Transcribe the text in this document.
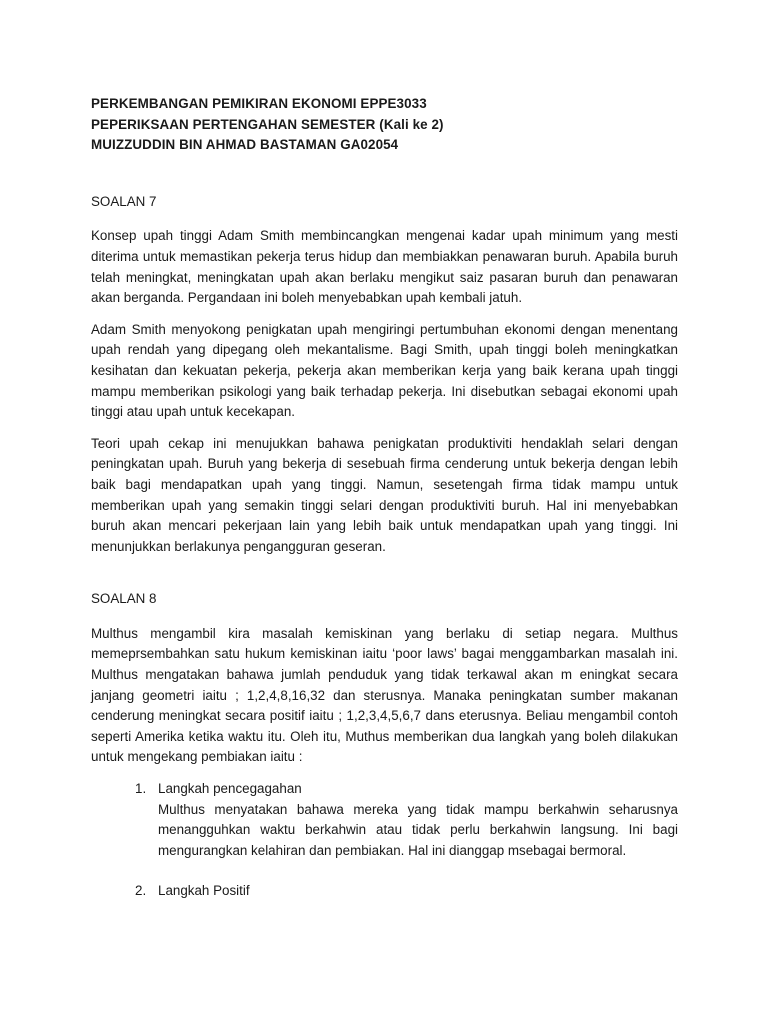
PERKEMBANGAN PEMIKIRAN EKONOMI EPPE3033
PEPERIKSAAN PERTENGAHAN SEMESTER (Kali ke 2)
MUIZZUDDIN BIN AHMAD BASTAMAN GA02054
SOALAN 7

Konsep upah tinggi Adam Smith membincangkan mengenai kadar upah minimum yang mesti diterima untuk memastikan pekerja terus hidup dan membiakkan penawaran buruh. Apabila buruh telah meningkat, meningkatan upah akan berlaku mengikut saiz pasaran buruh dan penawaran akan berganda. Pergandaan ini boleh menyebabkan upah kembali jatuh.

Adam Smith menyokong penigkatan upah mengiringi pertumbuhan ekonomi dengan menentang upah rendah yang dipegang oleh mekantalisme. Bagi Smith, upah tinggi boleh meningkatkan kesihatan dan kekuatan pekerja, pekerja akan memberikan kerja yang baik kerana upah tinggi mampu memberikan psikologi yang baik terhadap pekerja. Ini disebutkan sebagai ekonomi upah tinggi atau upah untuk kecekapan.

Teori upah cekap ini menujukkan bahawa penigkatan produktiviti hendaklah selari dengan peningkatan upah. Buruh yang bekerja di sesebuah firma cenderung untuk bekerja dengan lebih baik bagi mendapatkan upah yang tinggi. Namun, sesetengah firma tidak mampu untuk memberikan upah yang semakin tinggi selari dengan produktiviti buruh. Hal ini menyebabkan buruh akan mencari pekerjaan lain yang lebih baik untuk mendapatkan upah yang tinggi. Ini menunjukkan berlakunya pengangguran geseran.

SOALAN 8

Multhus mengambil kira masalah kemiskinan yang berlaku di setiap negara. Multhus memeprsembahkan satu hukum kemiskinan iaitu ‘poor laws’ bagai menggambarkan masalah ini. Multhus mengatakan bahawa jumlah penduduk yang tidak terkawal akan m eningkat secara janjang geometri iaitu ; 1,2,4,8,16,32 dan sterusnya. Manaka peningkatan sumber makanan cenderung meningkat secara positif iaitu ; 1,2,3,4,5,6,7 dans eterusnya. Beliau mengambil contoh seperti Amerika ketika waktu itu. Oleh itu, Muthus memberikan dua langkah yang boleh dilakukan untuk mengekang pembiakan iaitu :

1. Langkah pencegagahan
Multhus menyatakan bahawa mereka yang tidak mampu berkahwin seharusnya menangguhkan waktu berkahwin atau tidak perlu berkahwin langsung. Ini bagi mengurangkan kelahiran dan pembiakan. Hal ini dianggap msebagai bermoral.
2. Langkah Positif
